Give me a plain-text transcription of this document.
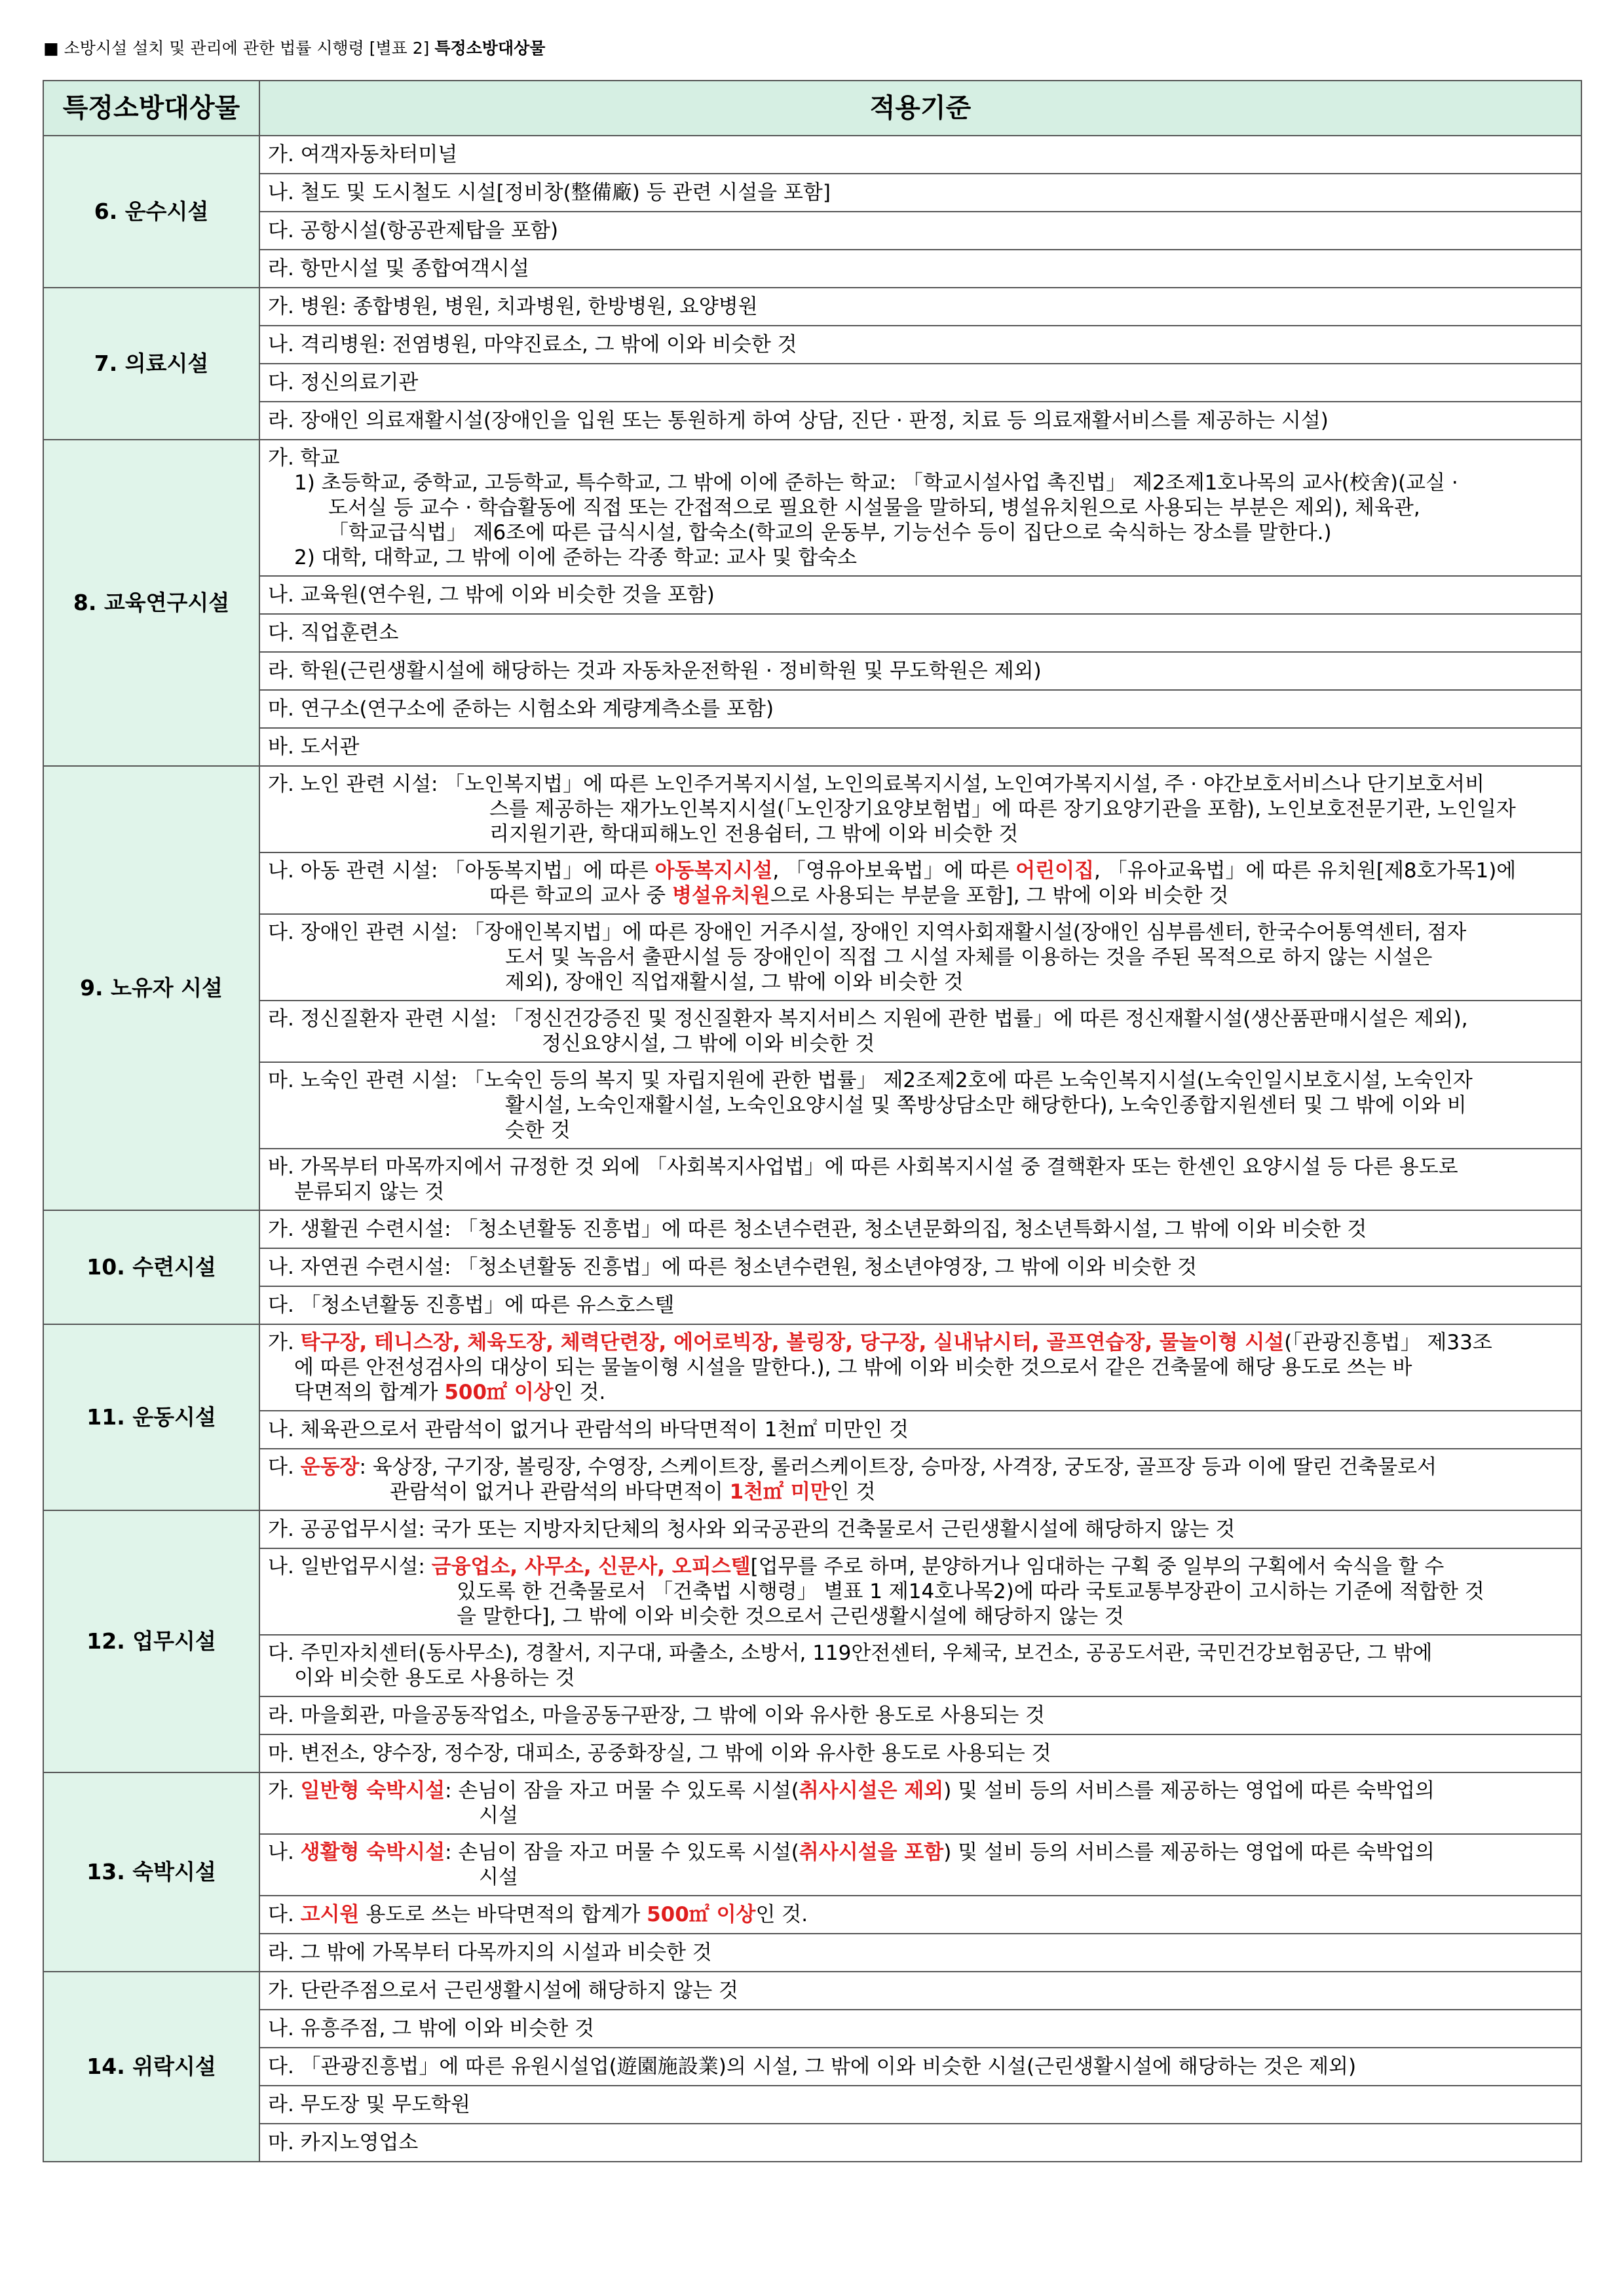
■ 소방시설 설치 및 관리에 관한 법률 시행령 [별표 2] 특정소방대상물
특정소방대상물	적용기준
6. 운수시설	가. 여객자동차터미널
	나. 철도 및 도시철도 시설[정비창(整備廠) 등 관련 시설을 포함]
	다. 공항시설(항공관제탑을 포함)
	라. 항만시설 및 종합여객시설
7. 의료시설	가. 병원: 종합병원, 병원, 치과병원, 한방병원, 요양병원
	나. 격리병원: 전염병원, 마약진료소, 그 밖에 이와 비슷한 것
	다. 정신의료기관
	라. 장애인 의료재활시설(장애인을 입원 또는 통원하게 하여 상담, 진단 · 판정, 치료 등 의료재활서비스를 제공하는 시설)
8. 교육연구시설	가. 학교
1) 초등학교, 중학교, 고등학교, 특수학교, 그 밖에 이에 준하는 학교: 「학교시설사업 촉진법」 제2조제1호나목의 교사(校舍)(교실 ·
도서실 등 교수 · 학습활동에 직접 또는 간접적으로 필요한 시설물을 말하되, 병설유치원으로 사용되는 부분은 제외), 체육관,
「학교급식법」 제6조에 따른 급식시설, 합숙소(학교의 운동부, 기능선수 등이 집단으로 숙식하는 장소를 말한다.)
2) 대학, 대학교, 그 밖에 이에 준하는 각종 학교: 교사 및 합숙소

	나. 교육원(연수원, 그 밖에 이와 비슷한 것을 포함)
	다. 직업훈련소
	라. 학원(근린생활시설에 해당하는 것과 자동차운전학원 · 정비학원 및 무도학원은 제외)
	마. 연구소(연구소에 준하는 시험소와 계량계측소를 포함)
	바. 도서관
9. 노유자 시설	가. 노인 관련 시설: 「노인복지법」에 따른 노인주거복지시설, 노인의료복지시설, 노인여가복지시설, 주 · 야간보호서비스나 단기보호서비
스를 제공하는 재가노인복지시설(「노인장기요양보험법」에 따른 장기요양기관을 포함), 노인보호전문기관, 노인일자
리지원기관, 학대피해노인 전용쉼터, 그 밖에 이와 비슷한 것

	나. 아동 관련 시설: 「아동복지법」에 따른 아동복지시설, 「영유아보육법」에 따른 어린이집, 「유아교육법」에 따른 유치원[제8호가목1)에
따른 학교의 교사 중 병설유치원으로 사용되는 부분을 포함], 그 밖에 이와 비슷한 것

	다. 장애인 관련 시설: 「장애인복지법」에 따른 장애인 거주시설, 장애인 지역사회재활시설(장애인 심부름센터, 한국수어통역센터, 점자
도서 및 녹음서 출판시설 등 장애인이 직접 그 시설 자체를 이용하는 것을 주된 목적으로 하지 않는 시설은
제외), 장애인 직업재활시설, 그 밖에 이와 비슷한 것

	라. 정신질환자 관련 시설: 「정신건강증진 및 정신질환자 복지서비스 지원에 관한 법률」에 따른 정신재활시설(생산품판매시설은 제외),
정신요양시설, 그 밖에 이와 비슷한 것

	마. 노숙인 관련 시설: 「노숙인 등의 복지 및 자립지원에 관한 법률」 제2조제2호에 따른 노숙인복지시설(노숙인일시보호시설, 노숙인자
활시설, 노숙인재활시설, 노숙인요양시설 및 쪽방상담소만 해당한다), 노숙인종합지원센터 및 그 밖에 이와 비
슷한 것

	바. 가목부터 마목까지에서 규정한 것 외에 「사회복지사업법」에 따른 사회복지시설 중 결핵환자 또는 한센인 요양시설 등 다른 용도로
분류되지 않는 것

10. 수련시설	가. 생활권 수련시설: 「청소년활동 진흥법」에 따른 청소년수련관, 청소년문화의집, 청소년특화시설, 그 밖에 이와 비슷한 것
	나. 자연권 수련시설: 「청소년활동 진흥법」에 따른 청소년수련원, 청소년야영장, 그 밖에 이와 비슷한 것
	다. 「청소년활동 진흥법」에 따른 유스호스텔
11. 운동시설	가. 탁구장, 테니스장, 체육도장, 체력단련장, 에어로빅장, 볼링장, 당구장, 실내낚시터, 골프연습장, 물놀이형 시설(「관광진흥법」 제33조
에 따른 안전성검사의 대상이 되는 물놀이형 시설을 말한다.), 그 밖에 이와 비슷한 것으로서 같은 건축물에 해당 용도로 쓰는 바
닥면적의 합계가 500㎡ 이상인 것.

	나. 체육관으로서 관람석이 없거나 관람석의 바닥면적이 1천㎡ 미만인 것
	다. 운동장: 육상장, 구기장, 볼링장, 수영장, 스케이트장, 롤러스케이트장, 승마장, 사격장, 궁도장, 골프장 등과 이에 딸린 건축물로서
관람석이 없거나 관람석의 바닥면적이 1천㎡ 미만인 것

12. 업무시설	가. 공공업무시설: 국가 또는 지방자치단체의 청사와 외국공관의 건축물로서 근린생활시설에 해당하지 않는 것
	나. 일반업무시설: 금융업소, 사무소, 신문사, 오피스텔[업무를 주로 하며, 분양하거나 임대하는 구획 중 일부의 구획에서 숙식을 할 수
있도록 한 건축물로서 「건축법 시행령」 별표 1 제14호나목2)에 따라 국토교통부장관이 고시하는 기준에 적합한 것
을 말한다], 그 밖에 이와 비슷한 것으로서 근린생활시설에 해당하지 않는 것

	다. 주민자치센터(동사무소), 경찰서, 지구대, 파출소, 소방서, 119안전센터, 우체국, 보건소, 공공도서관, 국민건강보험공단, 그 밖에
이와 비슷한 용도로 사용하는 것

	라. 마을회관, 마을공동작업소, 마을공동구판장, 그 밖에 이와 유사한 용도로 사용되는 것
	마. 변전소, 양수장, 정수장, 대피소, 공중화장실, 그 밖에 이와 유사한 용도로 사용되는 것
13. 숙박시설	가. 일반형 숙박시설: 손님이 잠을 자고 머물 수 있도록 시설(취사시설은 제외) 및 설비 등의 서비스를 제공하는 영업에 따른 숙박업의
시설

	나. 생활형 숙박시설: 손님이 잠을 자고 머물 수 있도록 시설(취사시설을 포함) 및 설비 등의 서비스를 제공하는 영업에 따른 숙박업의
시설

	다. 고시원 용도로 쓰는 바닥면적의 합계가 500㎡ 이상인 것.
	라. 그 밖에 가목부터 다목까지의 시설과 비슷한 것
14. 위락시설	가. 단란주점으로서 근린생활시설에 해당하지 않는 것
	나. 유흥주점, 그 밖에 이와 비슷한 것
	다. 「관광진흥법」에 따른 유원시설업(遊園施設業)의 시설, 그 밖에 이와 비슷한 시설(근린생활시설에 해당하는 것은 제외)
	라. 무도장 및 무도학원
	마. 카지노영업소
